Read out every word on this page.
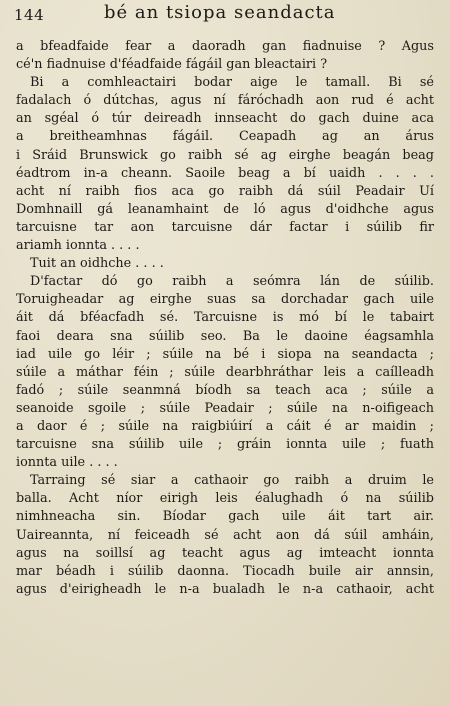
144	bé an tsiopa seandacta
a bfeadfaide fear a daoradh gan fiadnuise ? Agus
cé'n fiadnuise d'féadfaide fágáil gan bleactairi ?
Bi a comhleactairi bodar aige le tamall. Bi sé
fadalach ó dútchas, agus ní fáróchadh aon rud é acht
an sgéal ó túr deireadh innseacht do gach duine aca
a breitheamhnas fágáil. Ceapadh ag an árus
i Sráid Brunswick go raibh sé ag eirghe beagán beag
éadtrom in-a cheann. Saoile beag a bí uaidh . . . .
acht ní raibh fios aca go raibh dá súil Peadair Uí
Domhnaill gá leanamhaint de ló agus d'oidhche agus
tarcuisne tar aon tarcuisne dár factar i súilib fir
ariamh ionnta . . . .
Tuit an oidhche . . . .
D'factar dó go raibh a seómra lán de súilib.
Toruigheadar ag eirghe suas sa dorchadar gach uile
áit dá bféacfadh sé. Tarcuisne is mó bí le tabairt
faoi deara sna súilib seo. Ba le daoine éagsamhla
iad uile go léir ; súile na bé i siopa na seandacta ;
súile a máthar féin ; súile dearbhráthar leis a caílleadh
fadó ; súile seanmná bíodh sa teach aca ; súile a
seanoide sgoile ; súile Peadair ; súile na n-oifigeach
a daor é ; súile na raigbiúirí a cáit é ar maidin ;
tarcuisne sna súilib uile ; gráin ionnta uile ; fuath
ionnta uile . . . .
Tarraing sé siar a cathaoir go raibh a druim le
balla. Acht níor eirigh leis éalughadh ó na súilib
nimhneacha sin. Bíodar gach uile áit tart air.
Uaireannta, ní feiceadh sé acht aon dá súil amháin,
agus na soillsí ag teacht agus ag imteacht ionnta
mar béadh i súilib daonna. Tiocadh buile air annsin,
agus d'eirigheadh le n-a bualadh le n-a cathaoir, acht
